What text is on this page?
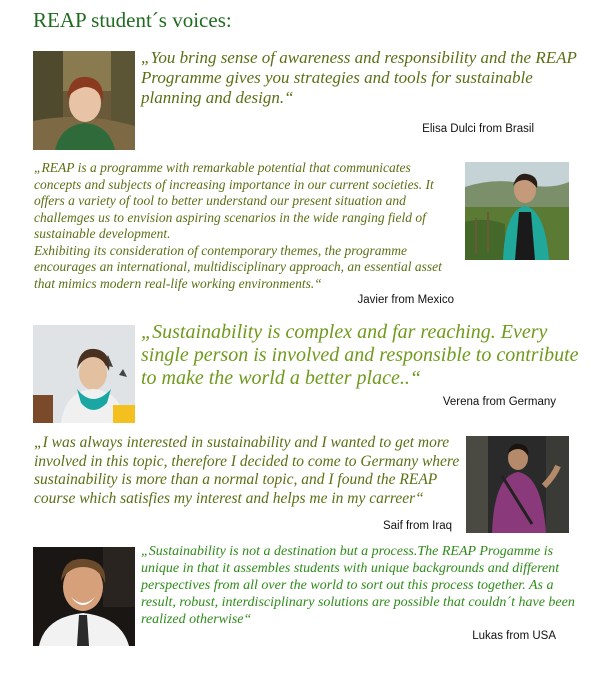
REAP student´s voices:

„You bring sense of awareness and responsibility and the REAP Programme gives you strategies and tools for sustainable planning and design.“

Elisa Dulci from Brasil

„REAP is a programme with remarkable potential that communicates concepts and subjects of increasing importance in our current societies. It offers a variety of tool to better understand our present situation and challemges us to envision aspiring scenarios in the wide ranging field of sustainable development.
Exhibiting its consideration of contemporary themes, the programme encourages an international, multidisciplinary approach, an essential asset that mimics modern real-life working environments.“

Javier from Mexico

„Sustainability is complex and far reaching. Every single person is involved and responsible to contribute to make the world a better place..“

Verena from Germany

„I was always interested in sustainability and I wanted to get more involved in this topic, therefore I decided to come to Germany where sustainability is more than a normal topic, and I found the REAP course which satisfies my interest and helps me in my carreer“

Saif from Iraq

„Sustainability is not a destination but a process.The REAP Progamme is unique in that it assembles students with unique backgrounds and different perspectives from all over the world to sort out this process together. As a result, robust, interdisciplinary solutions are possible that couldn´t have been realized otherwise“

Lukas from USA
